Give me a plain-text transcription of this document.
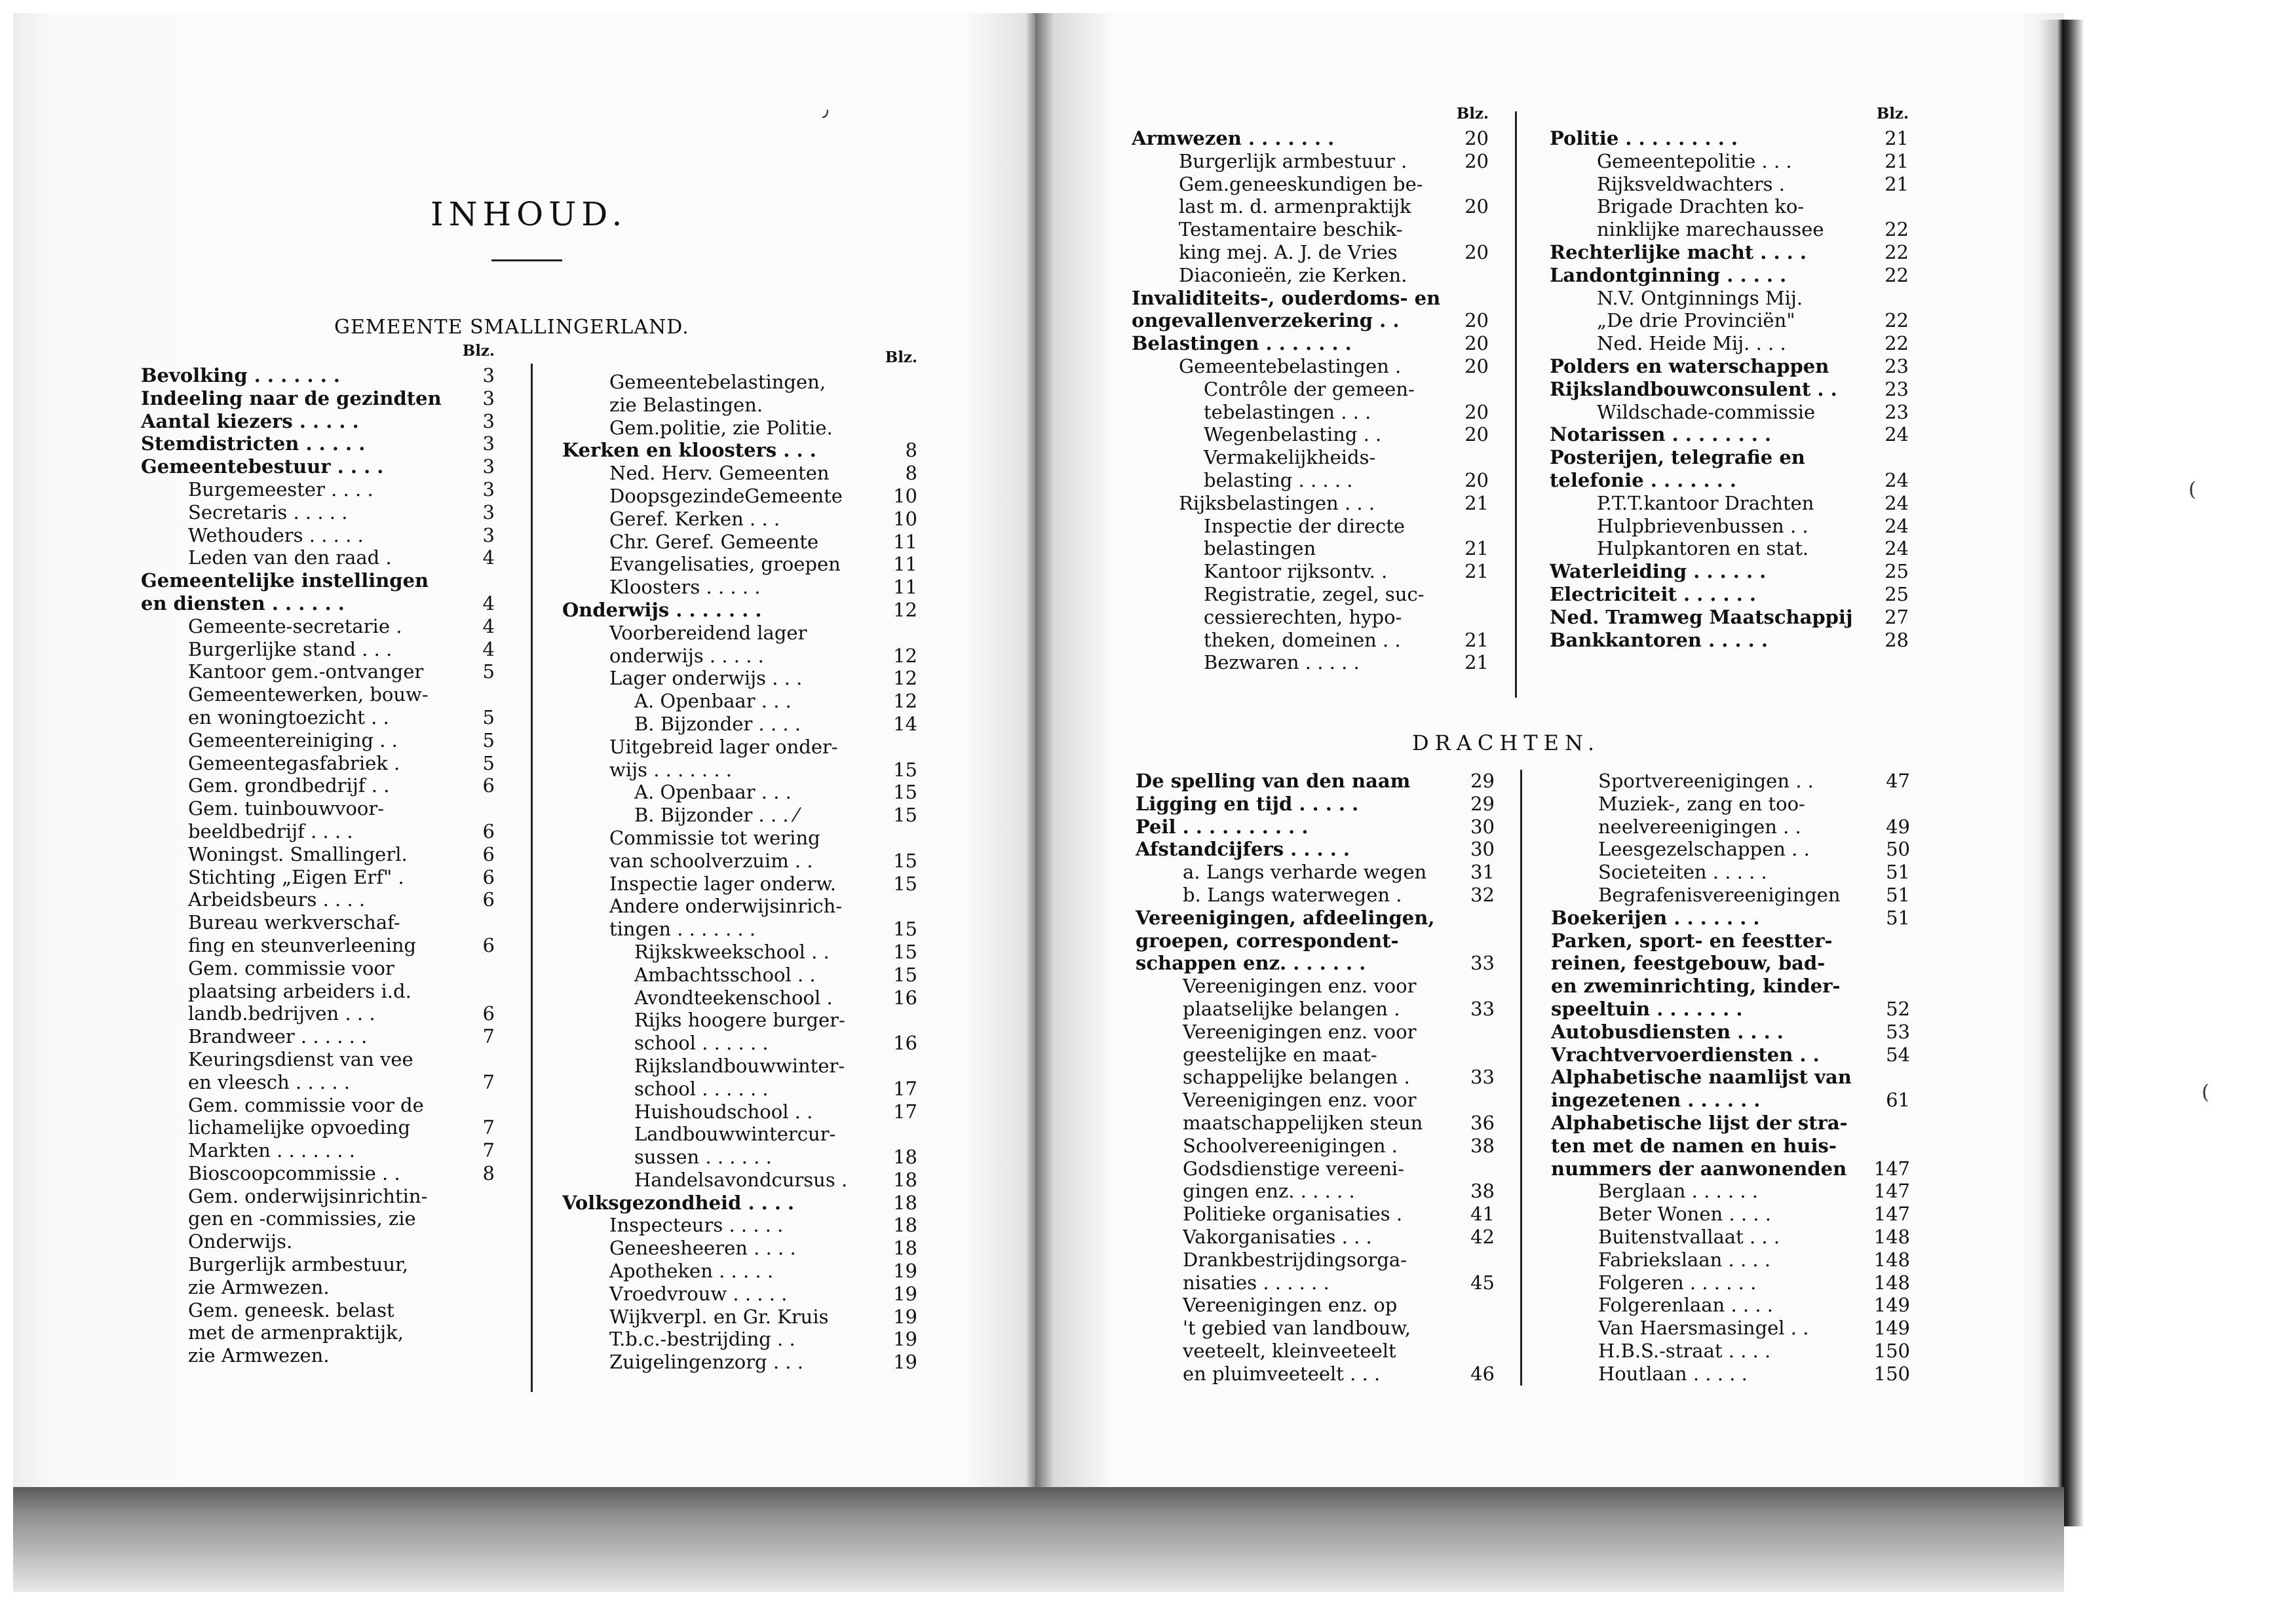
INHOUD.
GEMEENTE SMALLINGERLAND.
Blz.
Bevolking . . . . . . .	3
Indeeling naar de gezindten	3
Aantal kiezers . . . . .	3
Stemdistricten . . . . .	3
Gemeentebestuur . . . .	3
Burgemeester . . . .	3
Secretaris . . . . .	3
Wethouders . . . . .	3
Leden van den raad .	4
Gemeentelijke instellingen
en diensten . . . . . .	4
Gemeente-secretarie .	4
Burgerlijke stand . . .	4
Kantoor gem.-ontvanger	5
Gemeentewerken, bouw-
en woningtoezicht . .	5
Gemeentereiniging . .	5
Gemeentegasfabriek .	5
Gem. grondbedrijf . .	6
Gem. tuinbouwvoor-
beeldbedrijf . . . .	6
Woningst. Smallingerl.	6
Stichting „Eigen Erf" .	6
Arbeidsbeurs . . . .	6
Bureau werkverschaf-
fing en steunverleening	6
Gem. commissie voor
plaatsing arbeiders i.d.
landb.bedrijven . . .	6
Brandweer . . . . . .	7
Keuringsdienst van vee
en vleesch . . . . .	7
Gem. commissie voor de
lichamelijke opvoeding	7
Markten . . . . . . .	7
Bioscoopcommissie . .	8
Gem. onderwijsinrichtin-
gen en -commissies, zie
Onderwijs.
Burgerlijk armbestuur,
zie Armwezen.
Gem. geneesk. belast
met de armenpraktijk,
zie Armwezen.
Blz.
Gemeentebelastingen,
zie Belastingen.
Gem.politie, zie Politie.
Kerken en kloosters . . .	8
Ned. Herv. Gemeenten	8
DoopsgezindeGemeente	10
Geref. Kerken . . .	10
Chr. Geref. Gemeente	11
Evangelisaties, groepen	11
Kloosters . . . . .	11
Onderwijs . . . . . . .	12
Voorbereidend lager
onderwijs . . . . .	12
Lager onderwijs . . .	12
A. Openbaar . . .	12
B. Bijzonder . . . .	14
Uitgebreid lager onder-
wijs . . . . . . .	15
A. Openbaar . . .	15
B. Bijzonder . . . ⁄	15
Commissie tot wering
van schoolverzuim . .	15
Inspectie lager onderw.	15
Andere onderwijsinrich-
tingen . . . . . . .	15
Rijkskweekschool . .	15
Ambachtsschool . .	15
Avondteekenschool .	16
Rijks hoogere burger-
school . . . . . .	16
Rijkslandbouwwinter-
school . . . . . .	17
Huishoudschool . .	17
Landbouwwintercur-
sussen . . . . . .	18
Handelsavondcursus .	18
Volksgezondheid . . . .	18
Inspecteurs . . . . .	18
Geneesheeren . . . .	18
Apotheken . . . . .	19
Vroedvrouw . . . . .	19
Wijkverpl. en Gr. Kruis	19
T.b.c.-bestrijding . .	19
Zuigelingenzorg . . .	19
Blz.
Armwezen . . . . . . .	20
Burgerlijk armbestuur .	20
Gem.geneeskundigen be-
last m. d. armenpraktijk	20
Testamentaire beschik-
king mej. A. J. de Vries	20
Diaconieën, zie Kerken.
Invaliditeits-, ouderdoms- en
ongevallenverzekering . .	20
Belastingen . . . . . . .	20
Gemeentebelastingen .	20
Contrôle der gemeen-
tebelastingen . . .	20
Wegenbelasting . .	20
Vermakelijkheids-
belasting . . . . .	20
Rijksbelastingen . . .	21
Inspectie der directe
belastingen	21
Kantoor rijksontv. .	21
Registratie, zegel, suc-
cessierechten, hypo-
theken, domeinen . .	21
Bezwaren . . . . .	21
Blz.
Politie . . . . . . . . .	21
Gemeentepolitie . . .	21
Rijksveldwachters .	21
Brigade Drachten ko-
ninklijke marechaussee	22
Rechterlijke macht . . . .	22
Landontginning . . . . .	22
N.V. Ontginnings Mij.
„De drie Provinciën"	22
Ned. Heide Mij. . . .	22
Polders en waterschappen	23
Rijkslandbouwconsulent . .	23
Wildschade-commissie	23
Notarissen . . . . . . . .	24
Posterijen, telegrafie en
telefonie . . . . . . .	24
P.T.T.kantoor Drachten	24
Hulpbrievenbussen . .	24
Hulpkantoren en stat.	24
Waterleiding . . . . . .	25
Electriciteit . . . . . .	25
Ned. Tramweg Maatschappij	27
Bankkantoren . . . . .	28
DRACHTEN.
De spelling van den naam	29
Ligging en tijd . . . . .	29
Peil . . . . . . . . . .	30
Afstandcijfers . . . . .	30
a. Langs verharde wegen	31
b. Langs waterwegen .	32
Vereenigingen, afdeelingen,
groepen, correspondent-
schappen enz. . . . . . .	33
Vereenigingen enz. voor
plaatselijke belangen .	33
Vereenigingen enz. voor
geestelijke en maat-
schappelijke belangen .	33
Vereenigingen enz. voor
maatschappelijken steun	36
Schoolvereenigingen .	38
Godsdienstige vereeni-
gingen enz. . . . . .	38
Politieke organisaties .	41
Vakorganisaties . . .	42
Drankbestrijdingsorga-
nisaties . . . . . .	45
Vereenigingen enz. op
't gebied van landbouw,
veeteelt, kleinveeteelt
en pluimveeteelt . . .	46
Sportvereenigingen . .	47
Muziek-, zang en too-
neelvereenigingen . .	49
Leesgezelschappen . .	50
Societeiten . . . . .	51
Begrafenisvereenigingen	51
Boekerijen . . . . . . .	51
Parken, sport- en feestter-
reinen, feestgebouw, bad-
en zweminrichting, kinder-
speeltuin . . . . . . .	52
Autobusdiensten . . . .	53
Vrachtvervoerdiensten . .	54
Alphabetische naamlijst van
ingezetenen . . . . . .	61
Alphabetische lijst der stra-
ten met de namen en huis-
nummers der aanwonenden	147
Berglaan . . . . . .	147
Beter Wonen . . . .	147
Buitenstvallaat . . .	148
Fabriekslaan . . . .	148
Folgeren . . . . . .	148
Folgerenlaan . . . .	149
Van Haersmasingel . .	149
H.B.S.-straat . . . .	150
Houtlaan . . . . .	150
٫
(
(
